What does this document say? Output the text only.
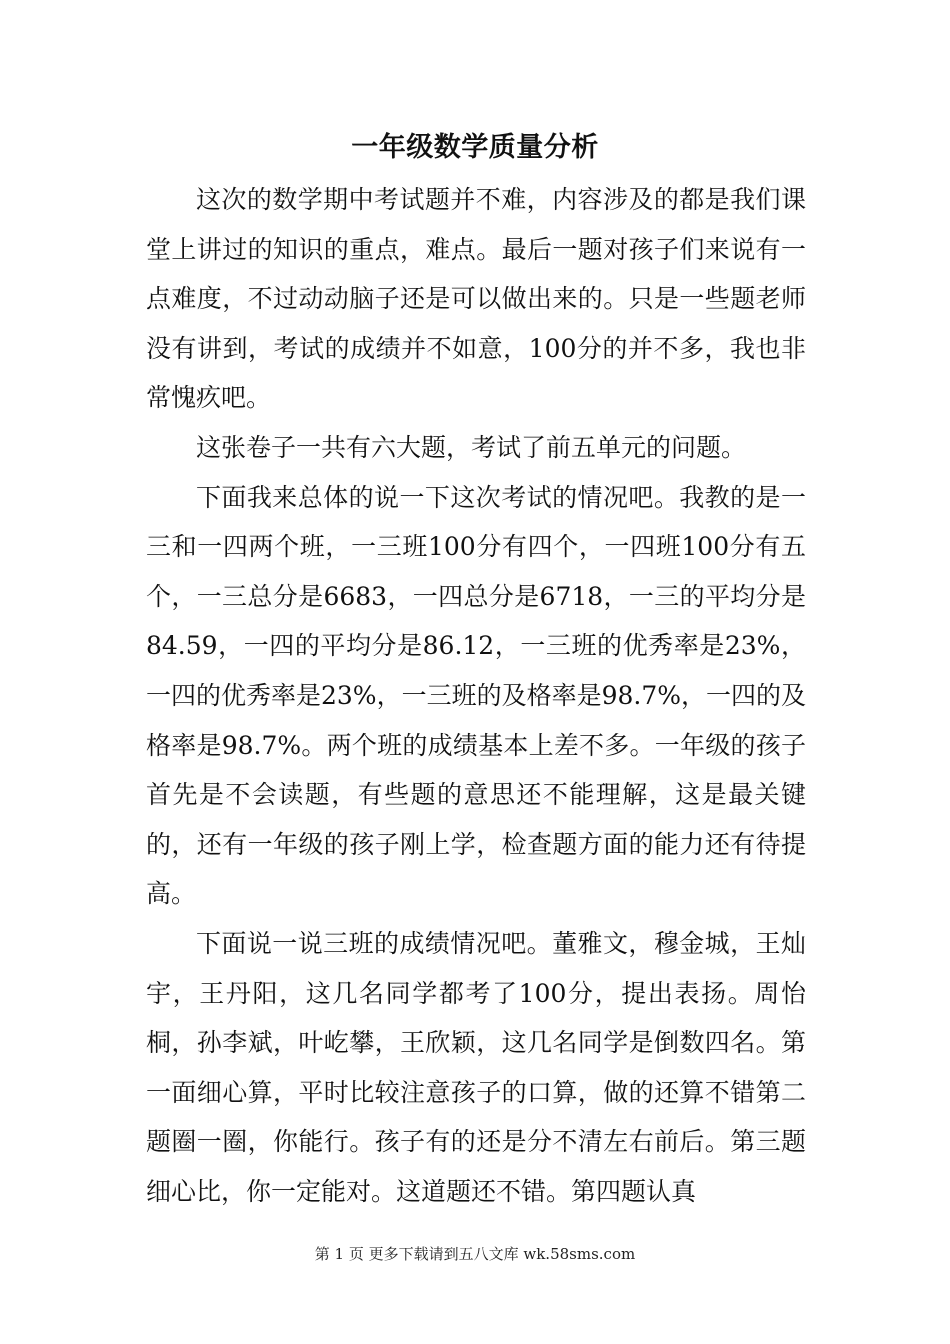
一年级数学质量分析

这次的数学期中考试题并不难，内容涉及的都是我们课堂上讲过的知识的重点，难点。最后一题对孩子们来说有一点难度，不过动动脑子还是可以做出来的。只是一些题老师没有讲到，考试的成绩并不如意，100分的并不多，我也非常愧疚吧。

这张卷子一共有六大题，考试了前五单元的问题。

下面我来总体的说一下这次考试的情况吧。我教的是一三和一四两个班，一三班100分有四个，一四班100分有五个，一三总分是6683，一四总分是6718，一三的平均分是84.59，一四的平均分是86.12，一三班的优秀率是23%，一四的优秀率是23%，一三班的及格率是98.7%，一四的及格率是98.7%。两个班的成绩基本上差不多。一年级的孩子首先是不会读题，有些题的意思还不能理解，这是最关键的，还有一年级的孩子刚上学，检查题方面的能力还有待提高。

下面说一说三班的成绩情况吧。董雅文，穆金城，王灿宇，王丹阳，这几名同学都考了100分，提出表扬。周怡桐，孙李斌，叶屹攀，王欣颖，这几名同学是倒数四名。第一面细心算，平时比较注意孩子的口算，做的还算不错第二题圈一圈，你能行。孩子有的还是分不清左右前后。第三题细心比，你一定能对。这道题还不错。第四题认真

第 1 页 更多下载请到五八文库 wk.58sms.com
